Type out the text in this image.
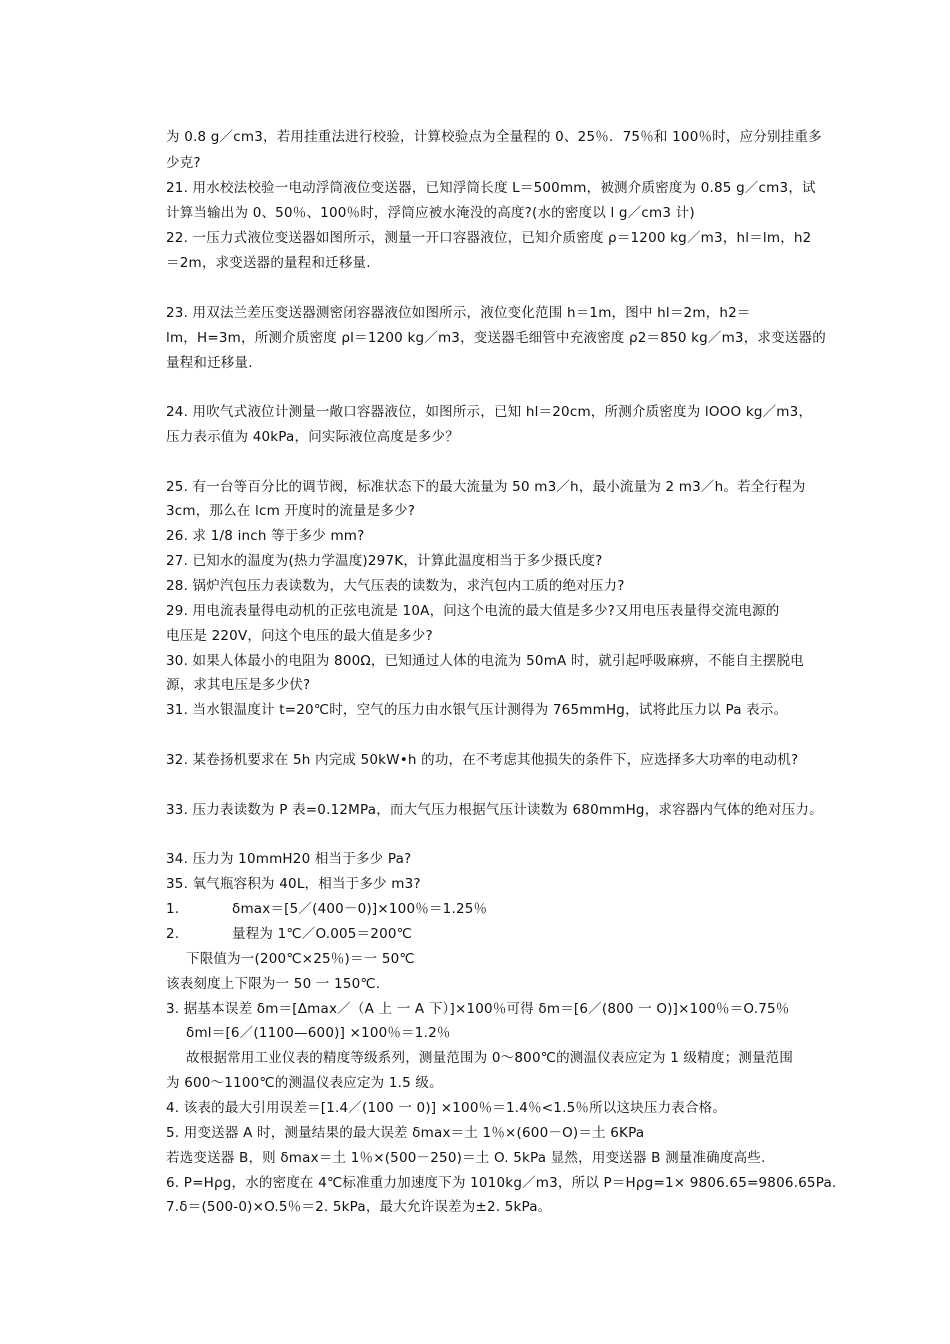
为 0.8 g／cm3，若用挂重法进行校验，计算校验点为全量程的 0、25％．75％和 100％时，应分别挂重多
少克?
21. 用水校法校验一电动浮筒液位变送器，已知浮筒长度 L＝500mm，被测介质密度为 0.85 g／cm3，试
计算当输出为 0、50％、100％时，浮筒应被水淹没的高度?(水的密度以 l g／cm3 计)
22. 一压力式液位变送器如图所示，测量一开口容器液位，已知介质密度 ρ＝1200 kg／m3，hl＝lm，h2
＝2m，求变送器的量程和迁移量.
23. 用双法兰差压变送器测密闭容器液位如图所示，液位变化范围 h＝1m，图中 hl＝2m，h2＝
lm，H=3m，所测介质密度 ρl＝1200 kg／m3，变送器毛细管中充液密度 ρ2＝850 kg／m3，求变送器的
量程和迁移量.
24. 用吹气式液位计测量一敞口容器液位，如图所示，已知 hl＝20cm，所测介质密度为 lOOO kg／m3，
压力表示值为 40kPa，问实际液位高度是多少？
25. 有一台等百分比的调节阀，标准状态下的最大流量为 50 m3／h，最小流量为 2 m3／h。若全行程为
3cm，那么在 lcm 开度时的流量是多少?
26. 求 1/8 inch 等于多少 mm?
27. 已知水的温度为(热力学温度)297K，计算此温度相当于多少摄氏度?
28. 锅炉汽包压力表读数为，大气压表的读数为，求汽包内工质的绝对压力?
29. 用电流表量得电动机的正弦电流是 10A，问这个电流的最大值是多少?又用电压表量得交流电源的
电压是 220V，问这个电压的最大值是多少?
30. 如果人体最小的电阻为 800Ω，已知通过人体的电流为 50mA 时，就引起呼吸麻痹，不能自主摆脱电
源，求其电压是多少伏?
31. 当水银温度计 t=20℃时，空气的压力由水银气压计测得为 765mmHg，试将此压力以 Pa 表示。
32. 某卷扬机要求在 5h 内完成 50kW•h 的功，在不考虑其他损失的条件下，应选择多大功率的电动机?
33. 压力表读数为 P 表=0.12MPa，而大气压力根据气压计读数为 680mmHg，求容器内气体的绝对压力。
34. 压力为 10mmH20 相当于多少 Pa?
35. 氧气瓶容积为 40L，相当于多少 m3?
1.	δmax＝[5／(400－0)]×100％＝1.25％
2.	量程为 1℃／O.005＝200℃
下限值为一(200℃×25％)＝一 50℃
该表刻度上下限为一 50 一 150℃.
3. 据基本误差 δm＝[Δmax／（A 上 一 A 下）]×100％可得 δm＝[6／(800 一 O)]×100％＝O.75％
δml＝[6／(1100—600)] ×100％＝1.2％
故根据常用工业仪表的精度等级系列，测量范围为 0～800℃的测温仪表应定为 1 级精度；测量范围
为 600～1100℃的测温仪表应定为 1.5 级。
4. 该表的最大引用误差＝[1.4／(100 一 0)] ×100％＝1.4％<1.5％所以这块压力表合格。
5. 用变送器 A 时，测量结果的最大误差 δmax＝土 1％×(600－O)＝土 6KPa
若选变送器 B，则 δmax＝土 1％×(500－250)＝土 O. 5kPa 显然，用变送器 B 测量准确度高些.
6. P=Hρg，水的密度在 4℃标准重力加速度下为 1010kg／m3，所以 P＝Hρg=1× 9806.65=9806.65Pa.
7.δ＝(500-0)×O.5％＝2. 5kPa，最大允许误差为±2. 5kPa。
